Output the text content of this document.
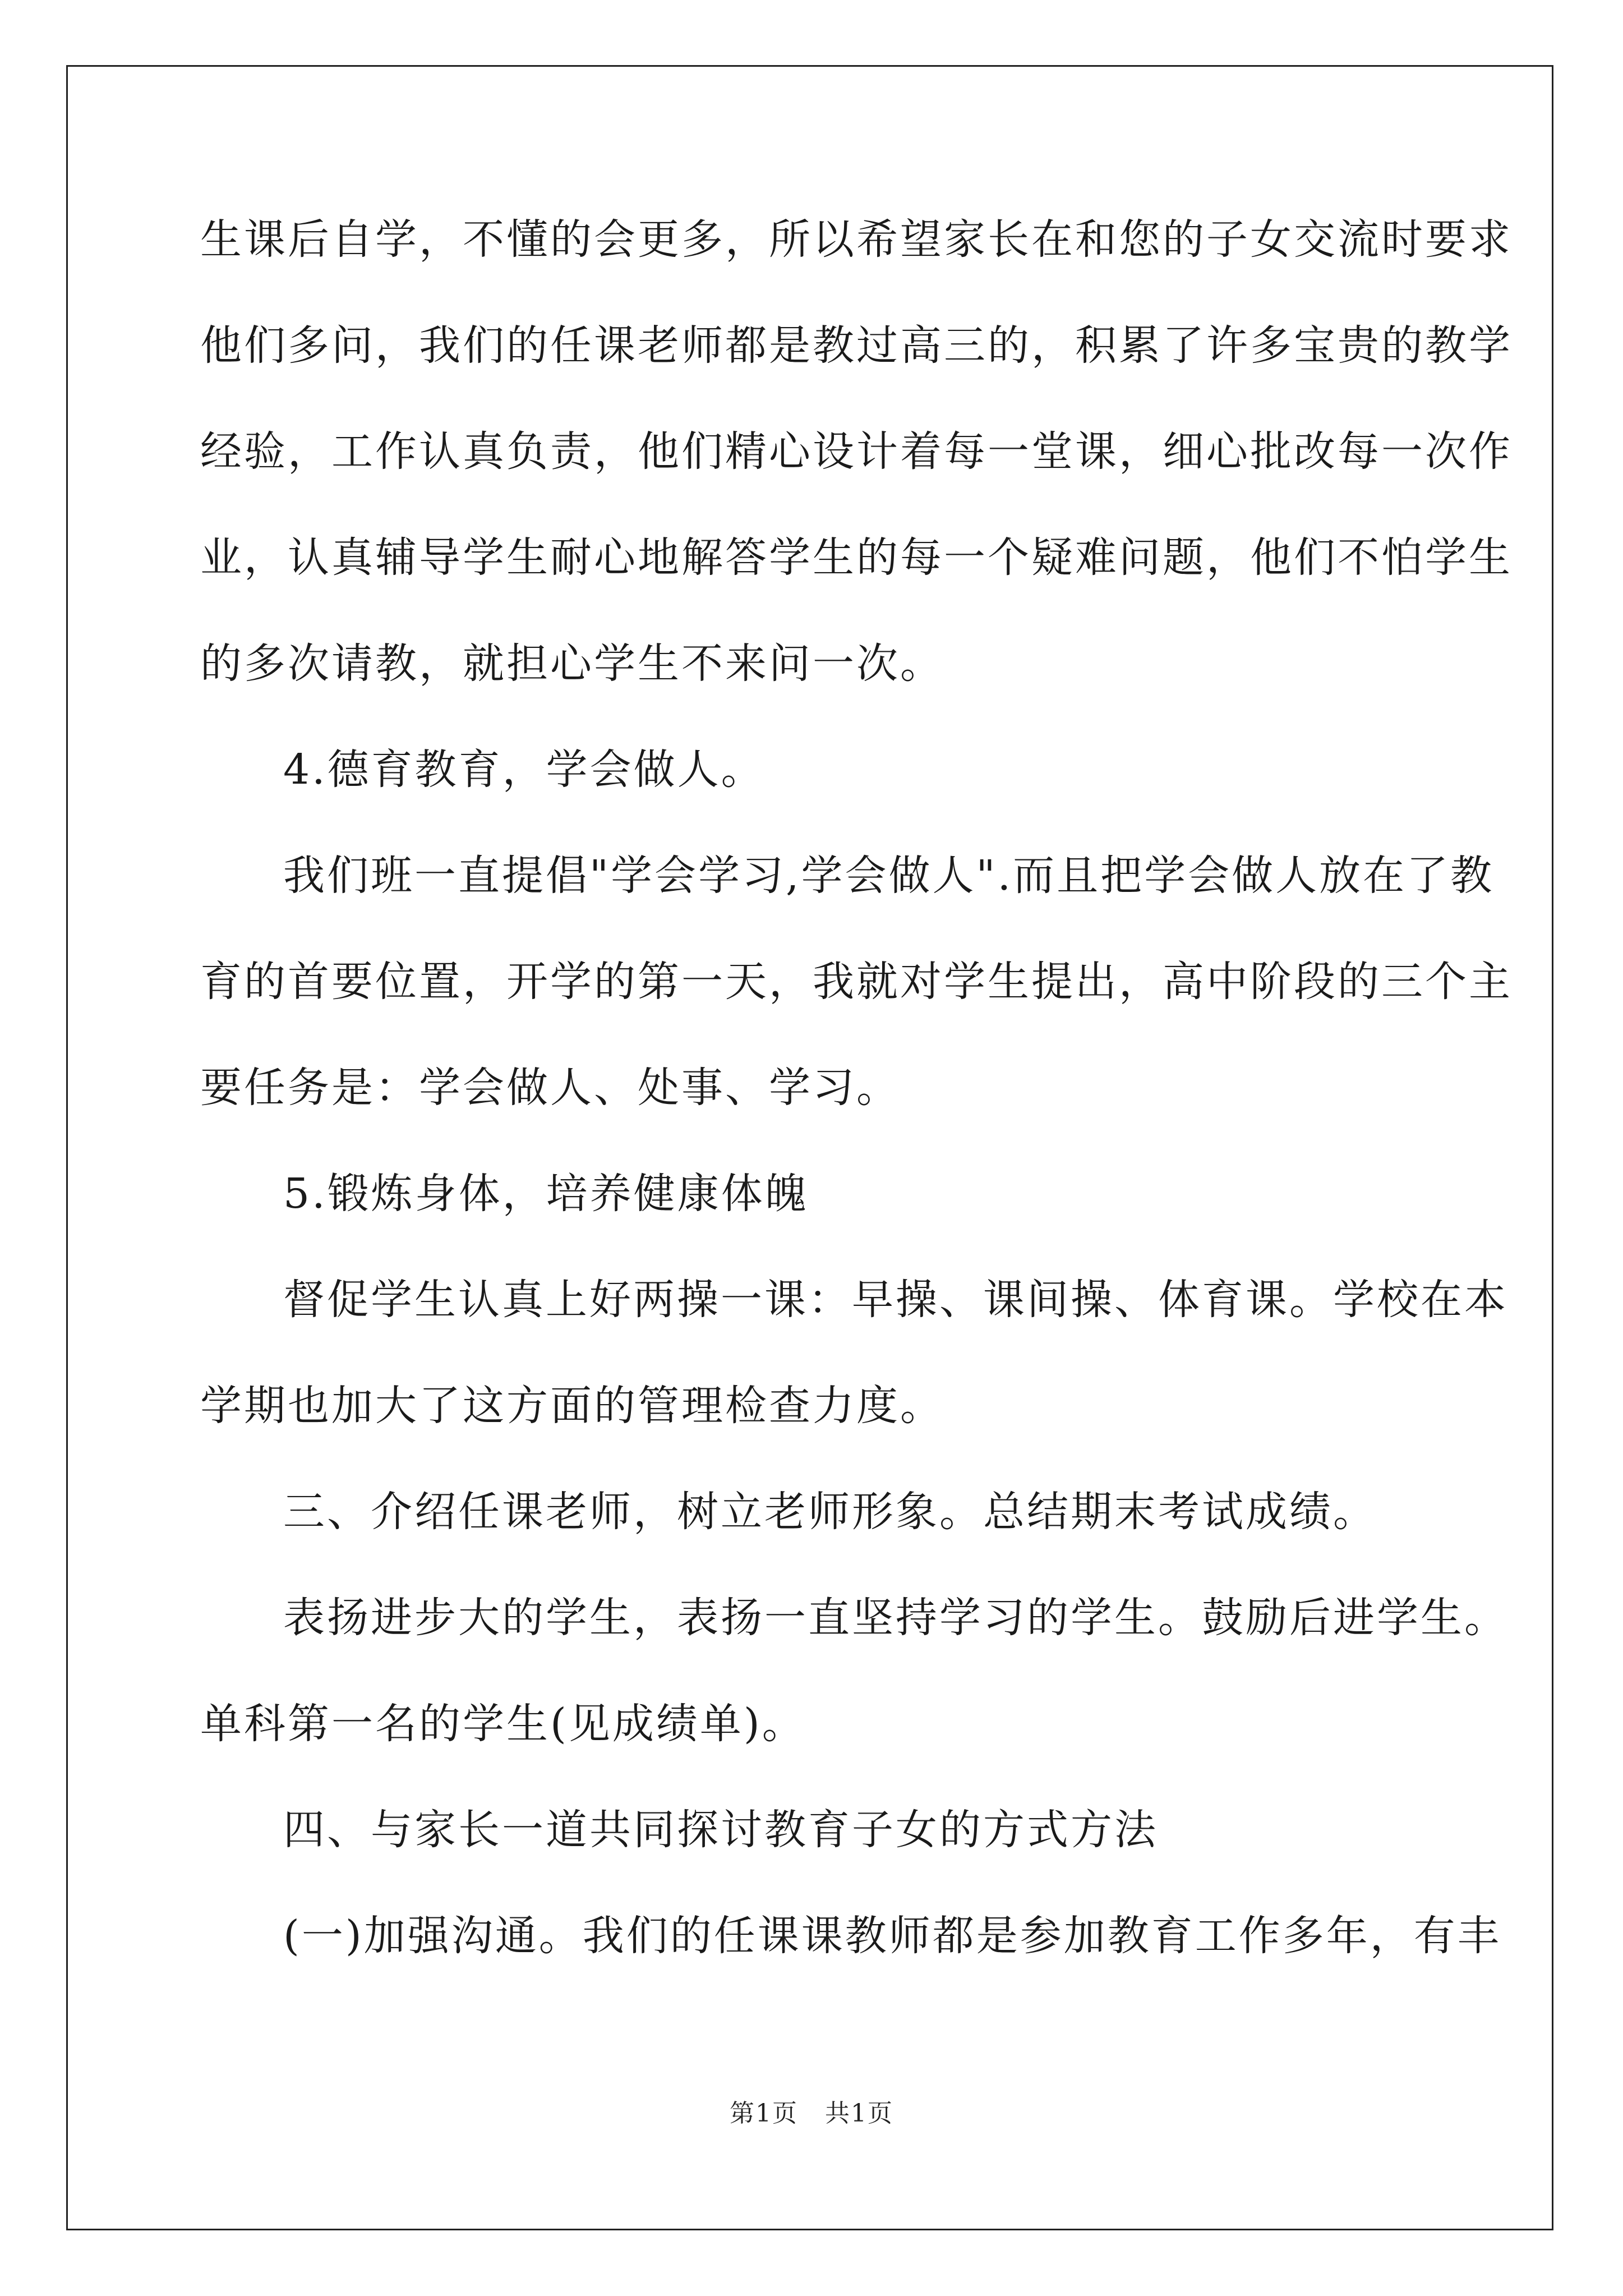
生课后自学，不懂的会更多，所以希望家长在和您的子女交流时要求
他们多问，我们的任课老师都是教过高三的，积累了许多宝贵的教学
经验，工作认真负责，他们精心设计着每一堂课，细心批改每一次作
业，认真辅导学生耐心地解答学生的每一个疑难问题，他们不怕学生
的多次请教，就担心学生不来问一次。
4.德育教育，学会做人。
我们班一直提倡"学会学习,学会做人".而且把学会做人放在了教
育的首要位置，开学的第一天，我就对学生提出，高中阶段的三个主
要任务是：学会做人、处事、学习。
5.锻炼身体，培养健康体魄
督促学生认真上好两操一课：早操、课间操、体育课。学校在本
学期也加大了这方面的管理检查力度。
三、介绍任课老师，树立老师形象。总结期末考试成绩。
表扬进步大的学生，表扬一直坚持学习的学生。鼓励后进学生。
单科第一名的学生(见成绩单)。
四、与家长一道共同探讨教育子女的方式方法
(一)加强沟通。我们的任课课教师都是参加教育工作多年，有丰
第1页 共1页
